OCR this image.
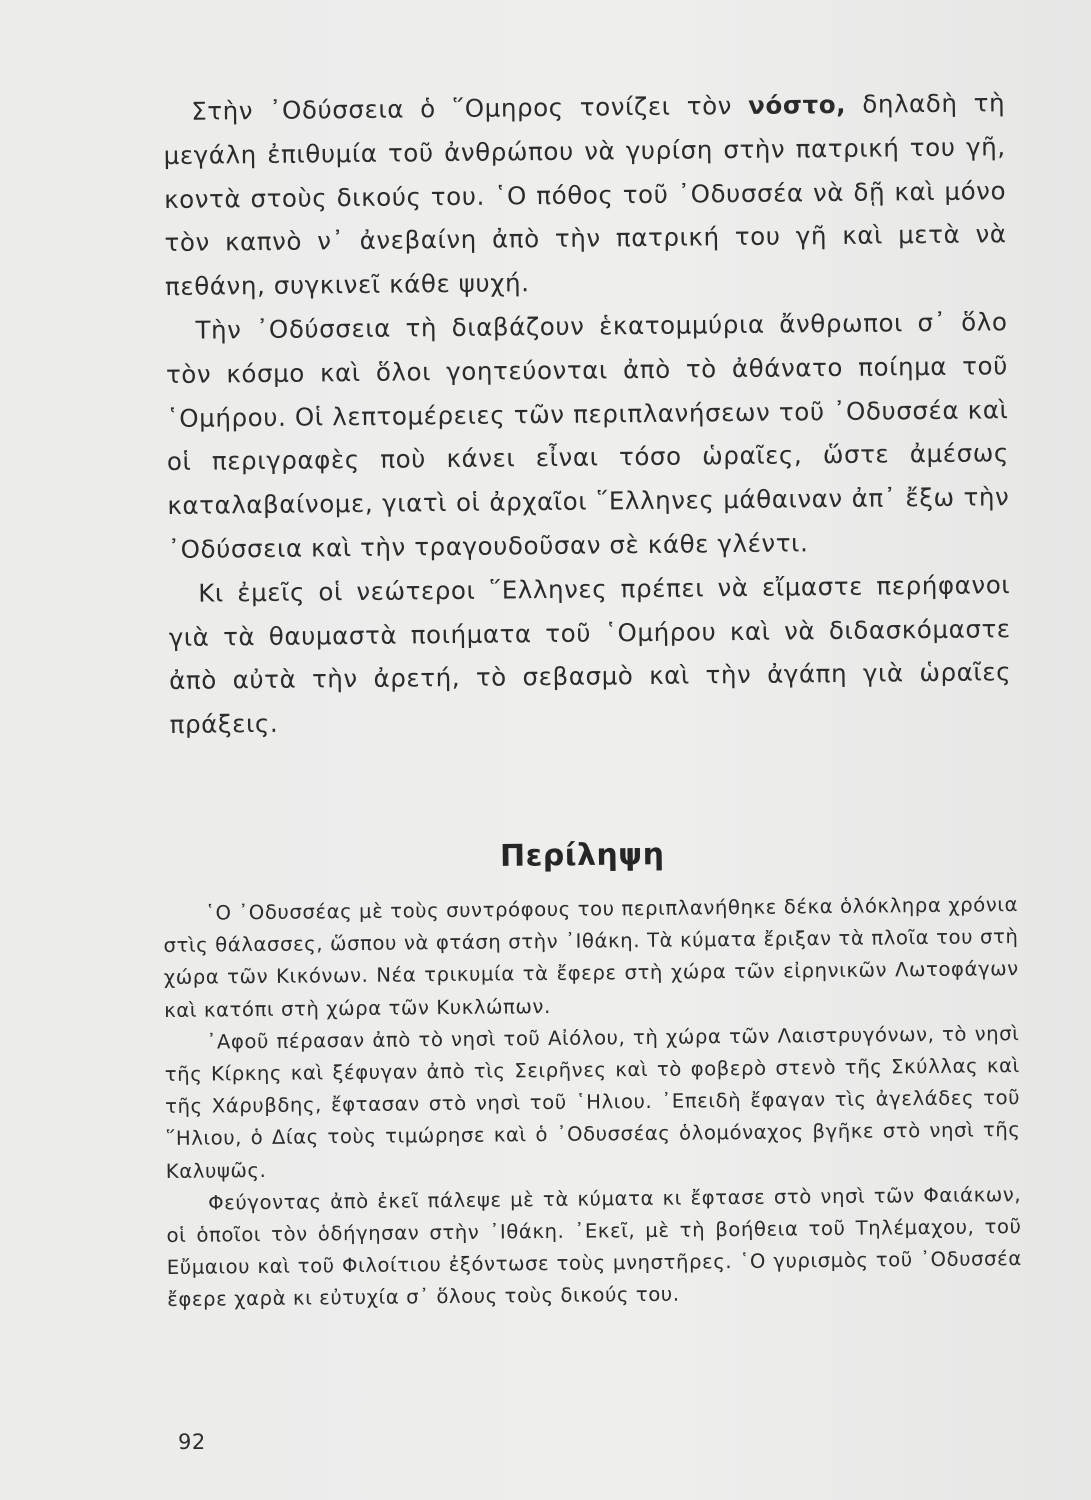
Στὴν ᾿Οδύσσεια ὁ ῞Ομηρος τονίζει τὸν νόστο, δηλαδὴ τὴ μεγάλη ἐπιθυμία τοῦ ἀνθρώπου νὰ γυρίση στὴν πατρική του γῆ, κοντὰ στοὺς δικούς του. ῾Ο πόθος τοῦ ᾿Οδυσσέα νὰ δῇ καὶ μόνο τὸν καπνὸ ν᾿ ἀνεβαίνη ἀπὸ τὴν πατρική του γῆ καὶ μετὰ νὰ πεθάνη, συγκινεῖ κάθε ψυχή.

Τὴν ᾿Οδύσσεια τὴ διαβάζουν ἑκατομμύρια ἄνθρωποι σ᾿ ὅλο τὸν κόσμο καὶ ὅλοι γοητεύονται ἀπὸ τὸ ἀθάνατο ποίημα τοῦ ῾Ομήρου. Οἱ λεπτομέρειες τῶν περιπλανήσεων τοῦ ᾿Οδυσσέα καὶ οἱ περιγραφὲς ποὺ κάνει εἶναι τόσο ὡραῖες, ὥστε ἀμέσως καταλαβαίνομε, γιατὶ οἱ ἀρχαῖοι ῞Ελληνες μάθαιναν ἀπ᾿ ἔξω τὴν ᾿Οδύσσεια καὶ τὴν τραγουδοῦσαν σὲ κάθε γλέντι.

Κι ἐμεῖς οἱ νεώτεροι ῞Ελληνες πρέπει νὰ εἴμαστε περήφανοι γιὰ τὰ θαυμαστὰ ποιήματα τοῦ ῾Ομήρου καὶ νὰ διδασκόμαστε ἀπὸ αὐτὰ τὴν ἀρετή, τὸ σεβασμὸ καὶ τὴν ἀγάπη γιὰ ὡραῖες πράξεις.

Περίληψη

῾Ο ᾿Οδυσσέας μὲ τοὺς συντρόφους του περιπλανήθηκε δέκα ὁλόκληρα χρόνια στὶς θάλασσες, ὥσπου νὰ φτάση στὴν ᾿Ιθάκη. Τὰ κύματα ἔριξαν τὰ πλοῖα του στὴ χώρα τῶν Κικόνων. Νέα τρικυμία τὰ ἔφερε στὴ χώρα τῶν εἰρηνικῶν Λωτοφάγων καὶ κατόπι στὴ χώρα τῶν Κυκλώπων.

᾿Αφοῦ πέρασαν ἀπὸ τὸ νησὶ τοῦ Αἰόλου, τὴ χώρα τῶν Λαιστρυγόνων, τὸ νησὶ τῆς Κίρκης καὶ ξέφυγαν ἀπὸ τὶς Σειρῆνες καὶ τὸ φοβερὸ στενὸ τῆς Σκύλλας καὶ τῆς Χάρυβδης, ἔφτασαν στὸ νησὶ τοῦ ῾Ηλιου. ᾿Επειδὴ ἔφαγαν τὶς ἀγελάδες τοῦ ῞Ηλιου, ὁ Δίας τοὺς τιμώρησε καὶ ὁ ᾿Οδυσσέας ὁλομόναχος βγῆκε στὸ νησὶ τῆς Καλυψῶς.

Φεύγοντας ἀπὸ ἐκεῖ πάλεψε μὲ τὰ κύματα κι ἔφτασε στὸ νησὶ τῶν Φαιάκων, οἱ ὁποῖοι τὸν ὁδήγησαν στὴν ᾿Ιθάκη. ᾿Εκεῖ, μὲ τὴ βοήθεια τοῦ Τηλέμαχου, τοῦ Εὔμαιου καὶ τοῦ Φιλοίτιου ἐξόντωσε τοὺς μνηστῆρες. ῾Ο γυρισμὸς τοῦ ᾿Οδυσσέα ἔφερε χαρὰ κι εὐτυχία σ᾿ ὅλους τοὺς δικούς του.

92
